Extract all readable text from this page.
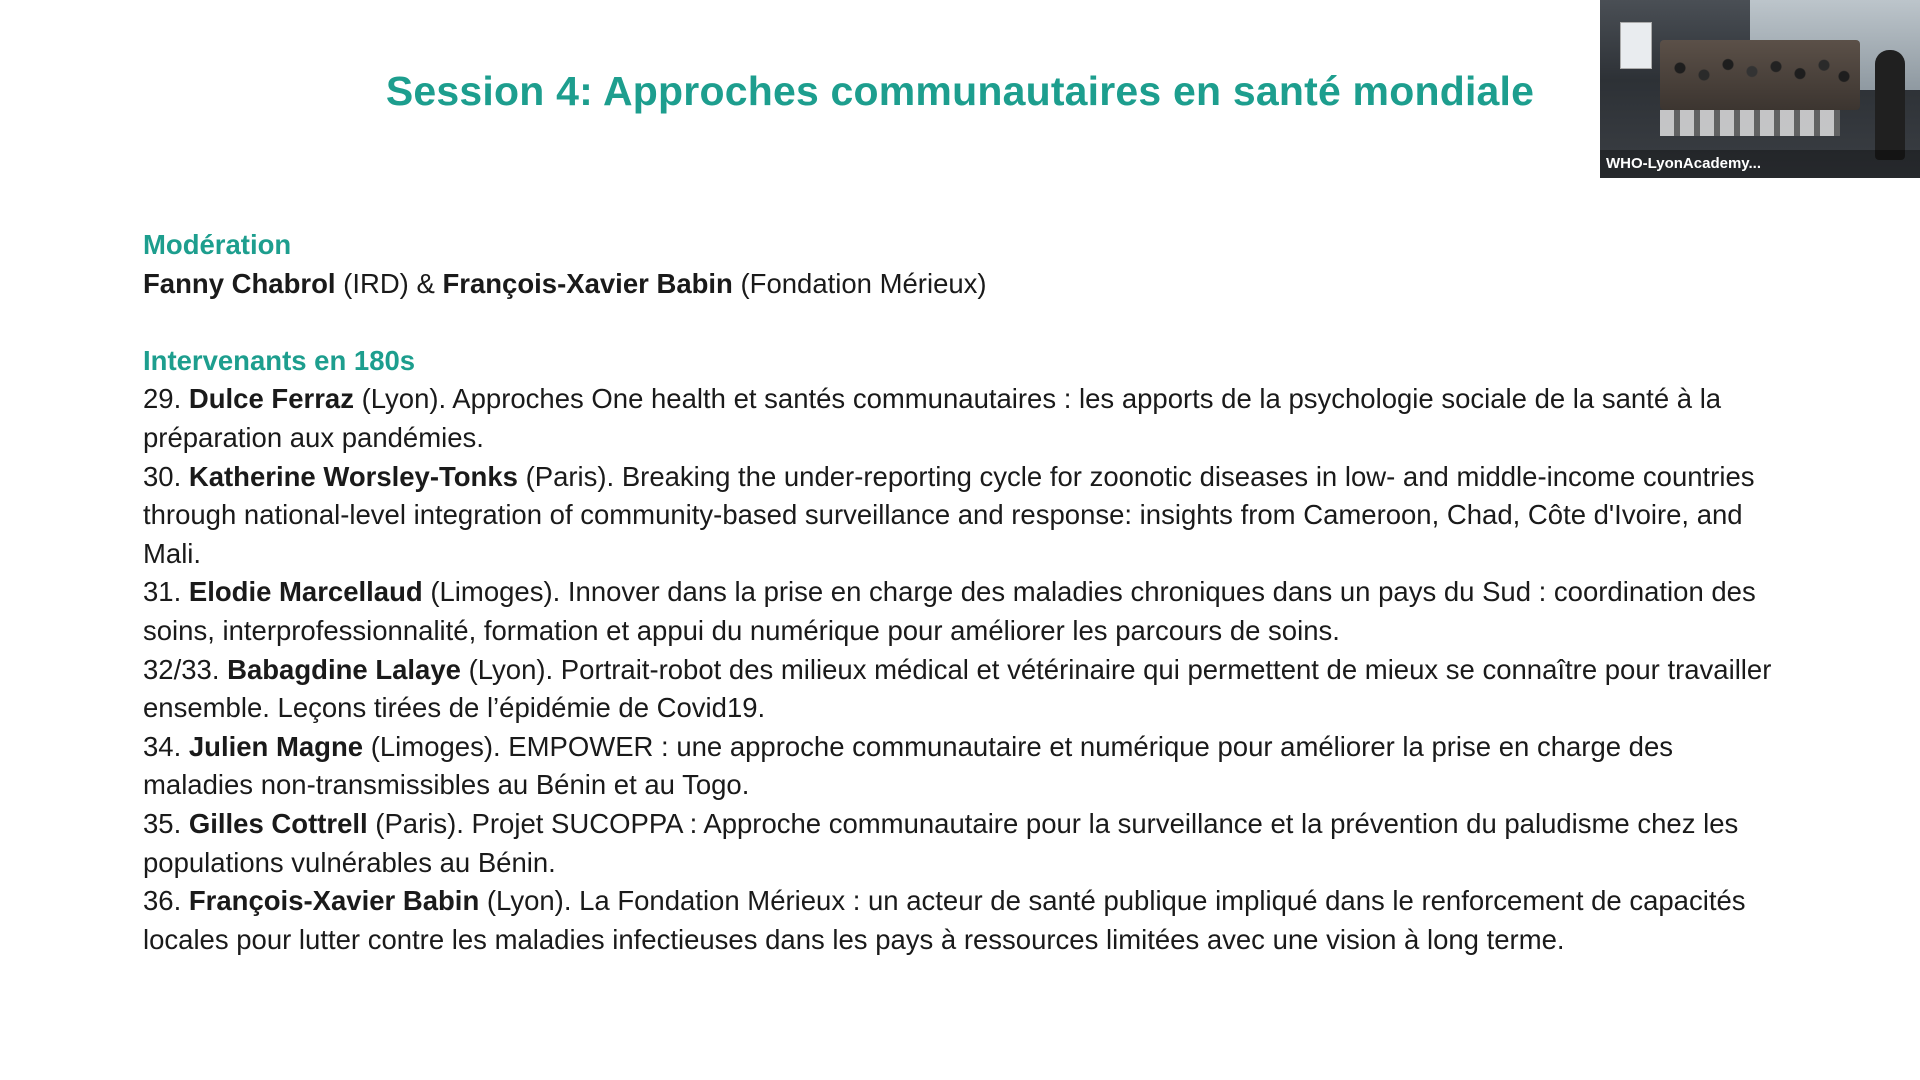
Session 4: Approches communautaires en santé mondiale
Modération
Fanny Chabrol (IRD) & François-Xavier Babin (Fondation Mérieux)
Intervenants en 180s

29. Dulce Ferraz (Lyon). Approches One health et santés communautaires : les apports de la psychologie sociale de la santé à la préparation aux pandémies.

30. Katherine Worsley-Tonks (Paris). Breaking the under-reporting cycle for zoonotic diseases in low- and middle-income countries through national-level integration of community-based surveillance and response: insights from Cameroon, Chad, Côte d'Ivoire, and Mali.

31. Elodie Marcellaud (Limoges). Innover dans la prise en charge des maladies chroniques dans un pays du Sud : coordination des soins, interprofessionnalité, formation et appui du numérique pour améliorer les parcours de soins.

32/33. Babagdine Lalaye (Lyon). Portrait-robot des milieux médical et vétérinaire qui permettent de mieux se connaître pour travailler ensemble. Leçons tirées de l’épidémie de Covid19.

34. Julien Magne (Limoges). EMPOWER : une approche communautaire et numérique pour améliorer la prise en charge des maladies non-transmissibles au Bénin et au Togo.

35. Gilles Cottrell (Paris). Projet SUCOPPA : Approche communautaire pour la surveillance et la prévention du paludisme chez les populations vulnérables au Bénin.

36. François-Xavier Babin (Lyon). La Fondation Mérieux : un acteur de santé publique impliqué dans le renforcement de capacités locales pour lutter contre les maladies infectieuses dans les pays à ressources limitées avec une vision à long terme.

WHO-LyonAcademy...
